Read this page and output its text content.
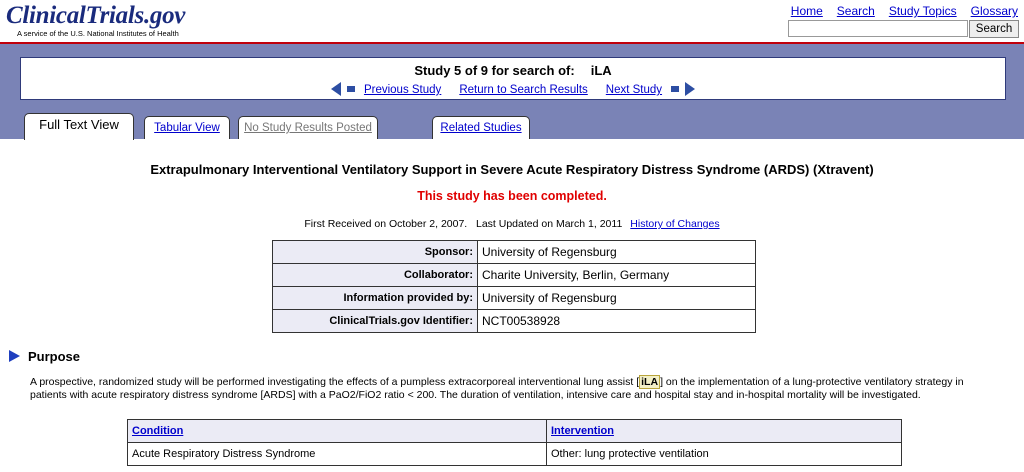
ClinicalTrials.gov
A service of the U.S. National Institutes of Health
Home Search Study Topics Glossary
Search
Study 5 of 9 for search of: iLA
Previous Study Return to Search Results Next Study
Full Text View	Tabular View	No Study Results Posted	Related Studies
Extrapulmonary Interventional Ventilatory Support in Severe Acute Respiratory Distress Syndrome (ARDS) (Xtravent)
This study has been completed.
First Received on October 2, 2007.   Last Updated on March 1, 2011 History of Changes
Sponsor:	University of Regensburg
Collaborator:	Charite University, Berlin, Germany
Information provided by:	University of Regensburg
ClinicalTrials.gov Identifier:	NCT00538928
Purpose
A prospective, randomized study will be performed investigating the effects of a pumpless extracorporeal interventional lung assist [ iLA ] on the implementation of a lung-protective ventilatory strategy in patients with acute respiratory distress syndrome [ARDS] with a PaO2/FiO2 ratio < 200. The duration of ventilation, intensive care and hospital stay and in-hospital mortality will be investigated.
Condition	Intervention
Acute Respiratory Distress Syndrome	Other: lung protective ventilation
